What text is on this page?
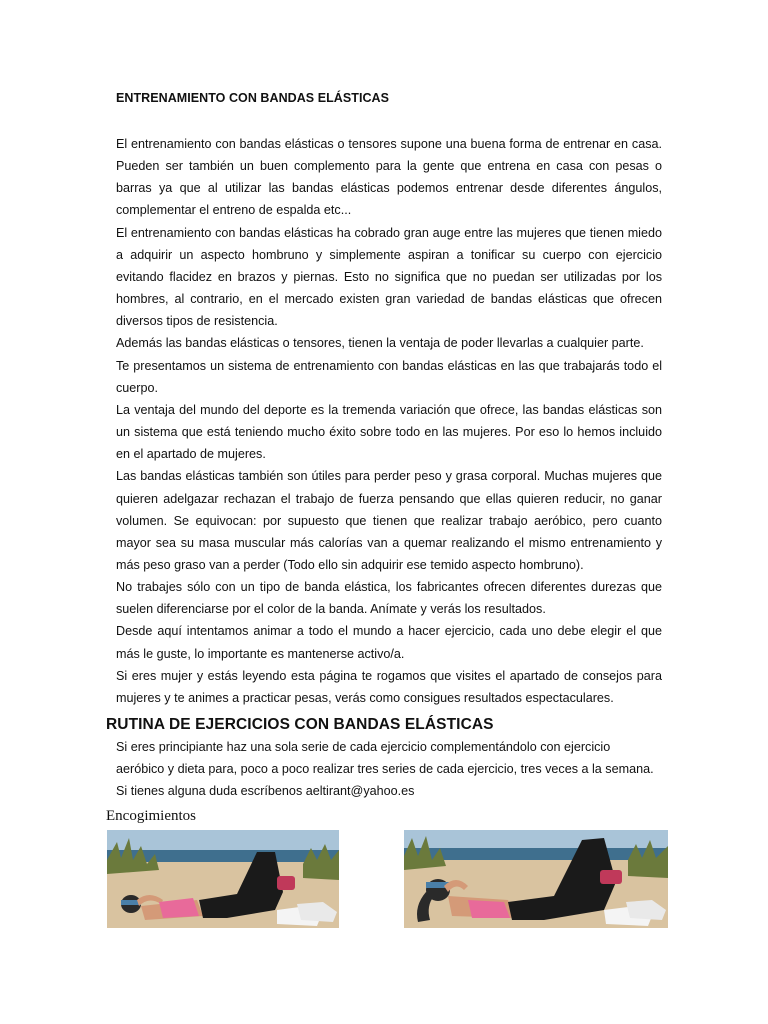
ENTRENAMIENTO CON BANDAS ELÁSTICAS

El entrenamiento con bandas elásticas o tensores supone una buena forma de entrenar en casa. Pueden ser también un buen complemento para la gente que entrena en casa con pesas o barras ya que al utilizar las bandas elásticas podemos entrenar desde diferentes ángulos, complementar el entreno de espalda etc...

El entrenamiento con bandas elásticas ha cobrado gran auge entre las mujeres que tienen miedo a adquirir un aspecto hombruno y simplemente aspiran a tonificar su cuerpo con ejercicio evitando flacidez en brazos y piernas. Esto no significa que no puedan ser utilizadas por los hombres, al contrario, en el mercado existen gran variedad de bandas elásticas que ofrecen diversos tipos de resistencia.

Además las bandas elásticas o tensores, tienen la ventaja de poder llevarlas a cualquier parte.

Te presentamos un sistema de entrenamiento con bandas elásticas en las que trabajarás todo el cuerpo.

La ventaja del mundo del deporte es la tremenda variación que ofrece, las bandas elásticas son un sistema que está teniendo mucho éxito sobre todo en las mujeres. Por eso lo hemos incluido en el apartado de mujeres.

Las bandas elásticas también son útiles para perder peso y grasa corporal. Muchas mujeres que quieren adelgazar rechazan el trabajo de fuerza pensando que ellas quieren reducir, no ganar volumen. Se equivocan: por supuesto que tienen que realizar trabajo aeróbico, pero cuanto mayor sea su masa muscular más calorías van a quemar realizando el mismo entrenamiento y más peso graso van a perder (Todo ello sin adquirir ese temido aspecto hombruno).

No trabajes sólo con un tipo de banda elástica, los fabricantes ofrecen diferentes durezas que suelen diferenciarse por el color de la banda. Anímate y verás los resultados.

Desde aquí intentamos animar a todo el mundo a hacer ejercicio, cada uno debe elegir el que más le guste, lo importante es mantenerse activo/a.

Si eres mujer y estás leyendo esta página te rogamos que visites el apartado de consejos para mujeres y te animes a practicar pesas, verás como consigues resultados espectaculares.

RUTINA DE EJERCICIOS CON BANDAS ELÁSTICAS

Si eres principiante haz una sola serie de cada ejercicio complementándolo con ejercicio aeróbico y dieta para, poco a poco realizar tres series de cada ejercicio, tres veces a la semana.

Si tienes alguna duda escríbenos aeltirant@yahoo.es

Encogimientos
